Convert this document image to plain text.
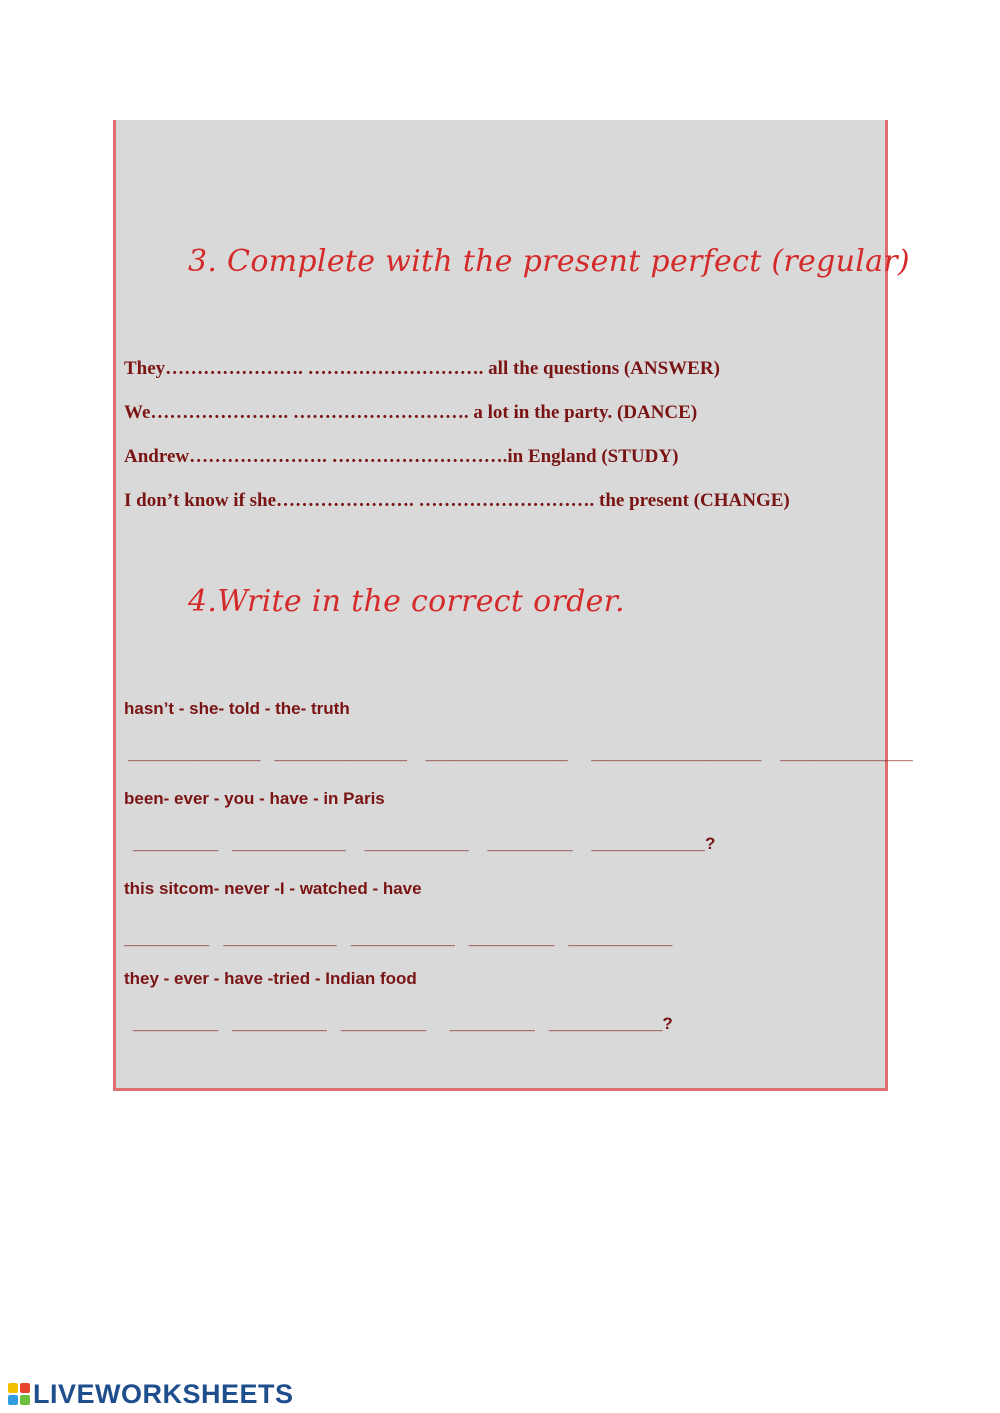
3. Complete with the present perfect (regular)
They…………………. ………………………. all the questions (ANSWER)
We…………………. ………………………. a lot in the party. (DANCE)
Andrew…………………. ……………………….in England (STUDY)
I don’t know if she…………………. ………………………. the present (CHANGE)
4.Write in the correct order.
hasn’t - she- told - the- truth
______________   ______________    _______________     __________________    ______________
been- ever - you - have - in Paris
_________   ____________    ___________    _________    ____________?
this sitcom- never -I - watched - have
_________   ____________   ___________   _________   ___________
they - ever - have -tried - Indian food
_________   __________   _________     _________   ____________?
LIVEWORKSHEETS
